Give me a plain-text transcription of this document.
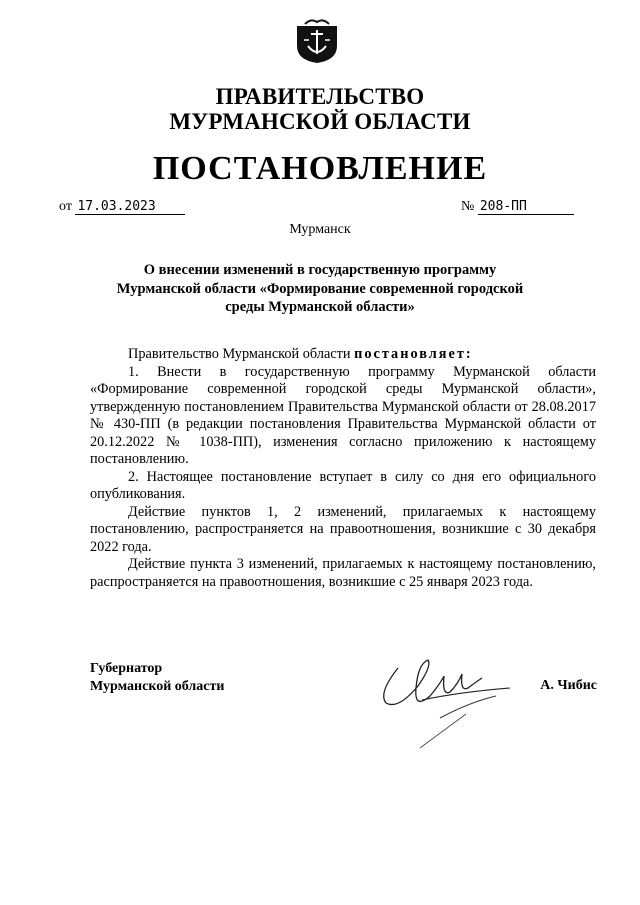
ПРАВИТЕЛЬСТВО
МУРМАНСКОЙ ОБЛАСТИ
ПОСТАНОВЛЕНИЕ
от 17.03.2023	№ 208-ПП
Мурманск
О внесении изменений в государственную программу
Мурманской области «Формирование современной городской
среды Мурманской области»

Правительство Мурманской области постановляет:

1. Внести в государственную программу Мурманской области «Формирование современной городской среды Мурманской области», утвержденную постановлением Правительства Мурманской области от 28.08.2017 № 430-ПП (в редакции постановления Правительства Мурманской области от 20.12.2022 № 1038-ПП), изменения согласно приложению к настоящему постановлению.

2. Настоящее постановление вступает в силу со дня его официального опубликования.

Действие пунктов 1, 2 изменений, прилагаемых к настоящему постановлению, распространяется на правоотношения, возникшие с 30 декабря 2022 года.

Действие пункта 3 изменений, прилагаемых к настоящему постановлению, распространяется на правоотношения, возникшие с 25 января 2023 года.

Губернатор
Мурманской области	А. Чибис
